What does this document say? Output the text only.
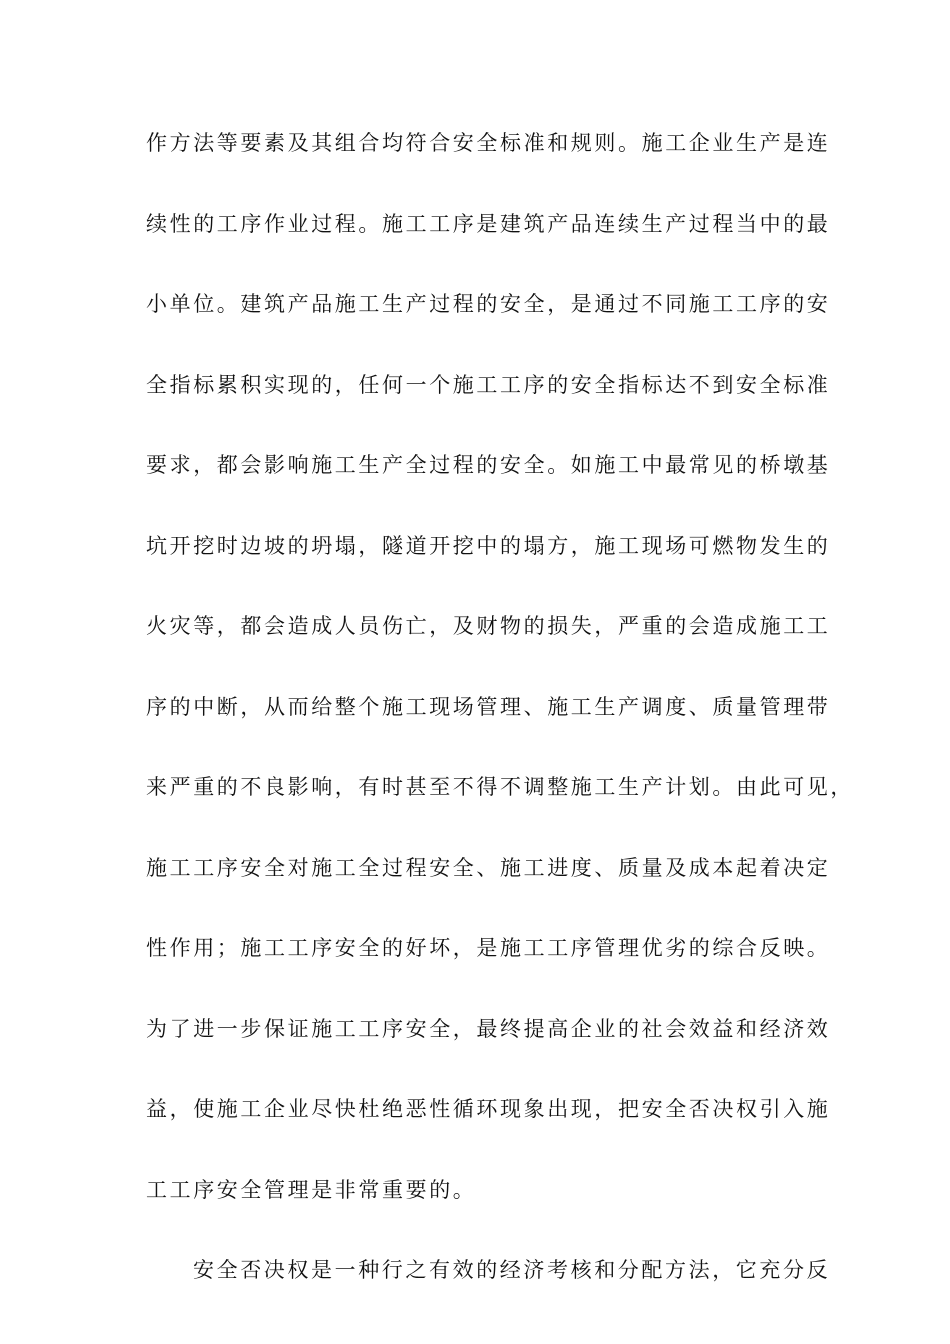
作方法等要素及其组合均符合安全标准和规则。施工企业生产是连
续性的工序作业过程。施工工序是建筑产品连续生产过程当中的最
小单位。建筑产品施工生产过程的安全，是通过不同施工工序的安
全指标累积实现的，任何一个施工工序的安全指标达不到安全标准
要求，都会影响施工生产全过程的安全。如施工中最常见的桥墩基
坑开挖时边坡的坍塌，隧道开挖中的塌方，施工现场可燃物发生的
火灾等，都会造成人员伤亡，及财物的损失，严重的会造成施工工
序的中断，从而给整个施工现场管理、施工生产调度、质量管理带
来严重的不良影响，有时甚至不得不调整施工生产计划。由此可见，
施工工序安全对施工全过程安全、施工进度、质量及成本起着决定
性作用；施工工序安全的好坏，是施工工序管理优劣的综合反映。
为了进一步保证施工工序安全，最终提高企业的社会效益和经济效
益，使施工企业尽快杜绝恶性循环现象出现，把安全否决权引入施
工工序安全管理是非常重要的。
安全否决权是一种行之有效的经济考核和分配方法，它充分反
